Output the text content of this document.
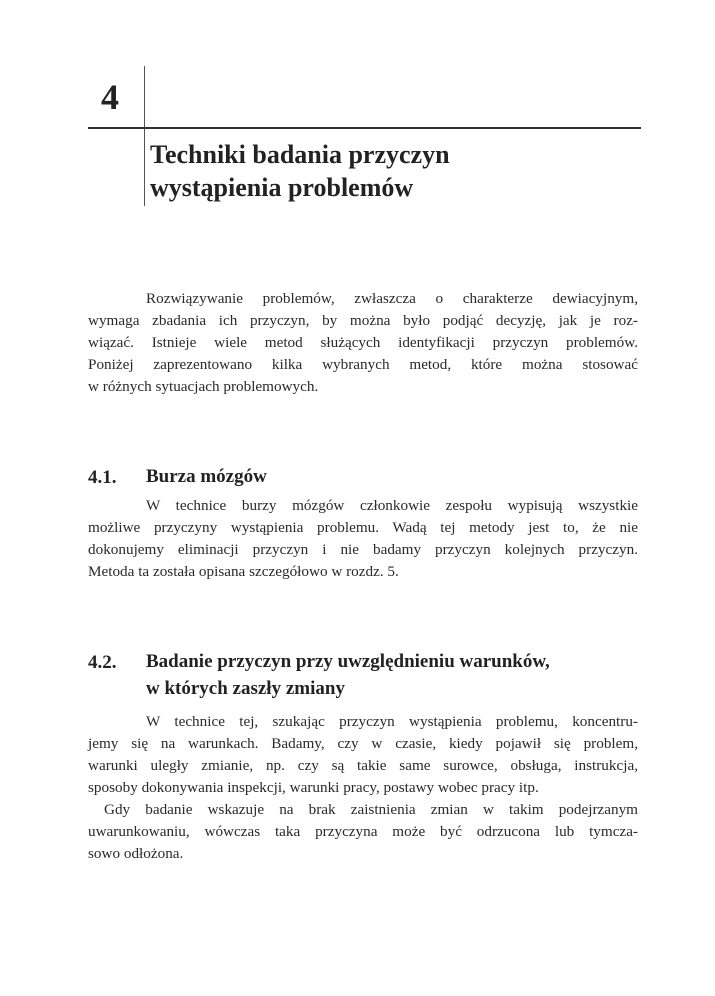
4
Techniki badania przyczyn
wystąpienia problemów
Rozwiązywanie problemów, zwłaszcza o charakterze dewiacyjnym,
wymaga zbadania ich przyczyn, by można było podjąć decyzję, jak je roz-
wiązać. Istnieje wiele metod służących identyfikacji przyczyn problemów.
Poniżej zaprezentowano kilka wybranych metod, które można stosować
w różnych sytuacjach problemowych.
4.1. Burza mózgów
W technice burzy mózgów członkowie zespołu wypisują wszystkie
możliwe przyczyny wystąpienia problemu. Wadą tej metody jest to, że nie
dokonujemy eliminacji przyczyn i nie badamy przyczyn kolejnych przyczyn.
Metoda ta została opisana szczegółowo w rozdz. 5.
4.2. Badanie przyczyn przy uwzględnieniu warunków,
w których zaszły zmiany
W technice tej, szukając przyczyn wystąpienia problemu, koncentru-
jemy się na warunkach. Badamy, czy w czasie, kiedy pojawił się problem,
warunki uległy zmianie, np. czy są takie same surowce, obsługa, instrukcja,
sposoby dokonywania inspekcji, warunki pracy, postawy wobec pracy itp.
Gdy badanie wskazuje na brak zaistnienia zmian w takim podejrzanym
uwarunkowaniu, wówczas taka przyczyna może być odrzucona lub tymcza-
sowo odłożona.
